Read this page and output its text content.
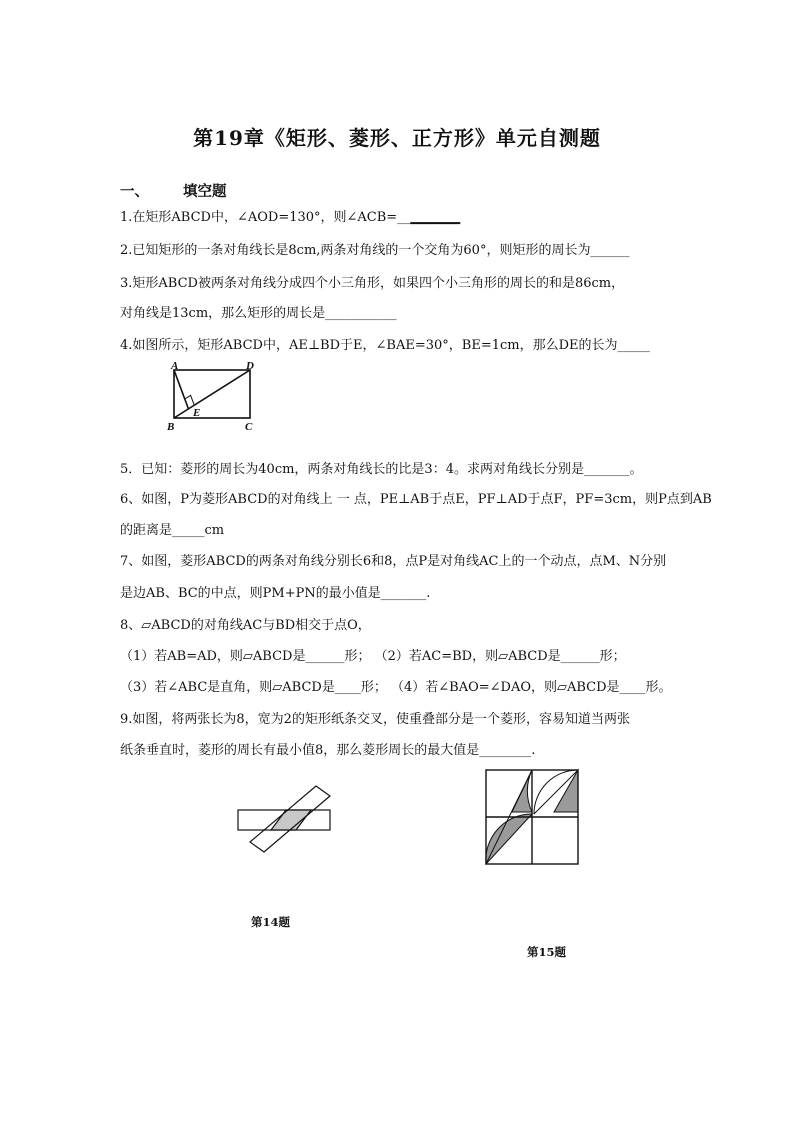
第19章《矩形、菱形、正方形》单元自测题
一、 填空题
1.在矩形ABCD中，∠AOD=130°，则∠ACB=__▁▁▁▁▁
2.已知矩形的一条对角线长是8cm,两条对角线的一个交角为60°，则矩形的周长为______
3.矩形ABCD被两条对角线分成四个小三角形，如果四个小三角形的周长的和是86cm，
对角线是13cm，那么矩形的周长是___________
4.如图所示，矩形ABCD中，AE⊥BD于E，∠BAE=30°，BE=1cm，那么DE的长为_____
A	D
B	C
E
5．已知：菱形的周长为40cm，两条对角线长的比是3：4。求两对角线长分别是_______。
6、如图，P为菱形ABCD的对角线上 一 点，PE⊥AB于点E，PF⊥AD于点F，PF=3cm，则P点到AB
的距离是_____cm
7、如图，菱形ABCD的两条对角线分别长6和8，点P是对角线AC上的一个动点，点M、N分别
是边AB、BC的中点，则PM+PN的最小值是_______.
8、▱ABCD的对角线AC与BD相交于点O，
（1）若AB=AD，则▱ABCD是______形； （2）若AC=BD，则▱ABCD是______形；
（3）若∠ABC是直角，则▱ABCD是____形； （4）若∠BAO=∠DAO，则▱ABCD是____形。
9.如图，将两张长为8，宽为2的矩形纸条交叉，使重叠部分是一个菱形，容易知道当两张
纸条垂直时，菱形的周长有最小值8，那么菱形周长的最大值是________.
第14题
第15题
